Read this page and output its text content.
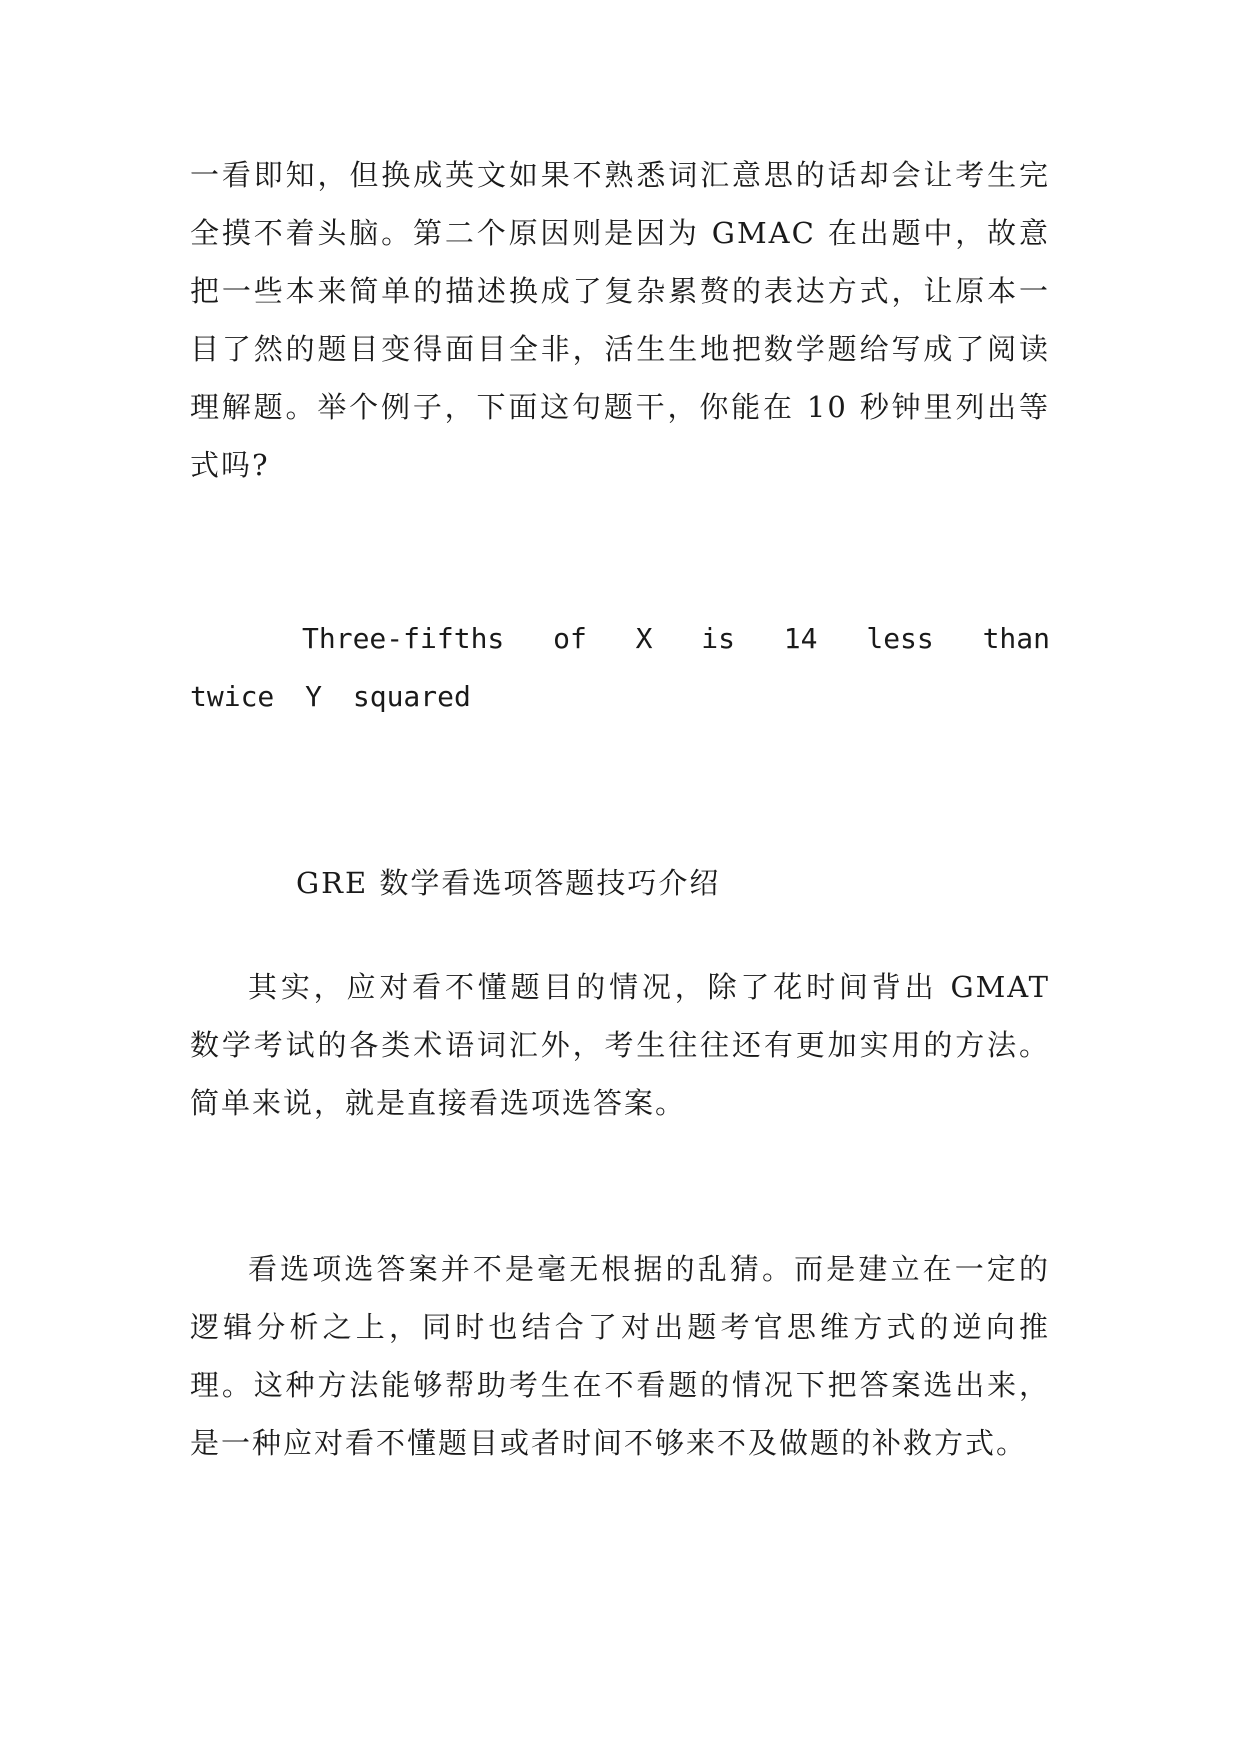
一看即知，但换成英文如果不熟悉词汇意思的话却会让考生完全摸不着头脑。第二个原因则是因为 GMAC 在出题中，故意把一些本来简单的描述换成了复杂累赘的表达方式，让原本一目了然的题目变得面目全非，活生生地把数学题给写成了阅读理解题。举个例子，下面这句题干，你能在 10 秒钟里列出等式吗?

Three-fifths of X is 14 less than twice Y squared

GRE 数学看选项答题技巧介绍

其实，应对看不懂题目的情况，除了花时间背出 GMAT 数学考试的各类术语词汇外，考生往往还有更加实用的方法。简单来说，就是直接看选项选答案。

看选项选答案并不是毫无根据的乱猜。而是建立在一定的逻辑分析之上，同时也结合了对出题考官思维方式的逆向推理。这种方法能够帮助考生在不看题的情况下把答案选出来，是一种应对看不懂题目或者时间不够来不及做题的补救方式。
